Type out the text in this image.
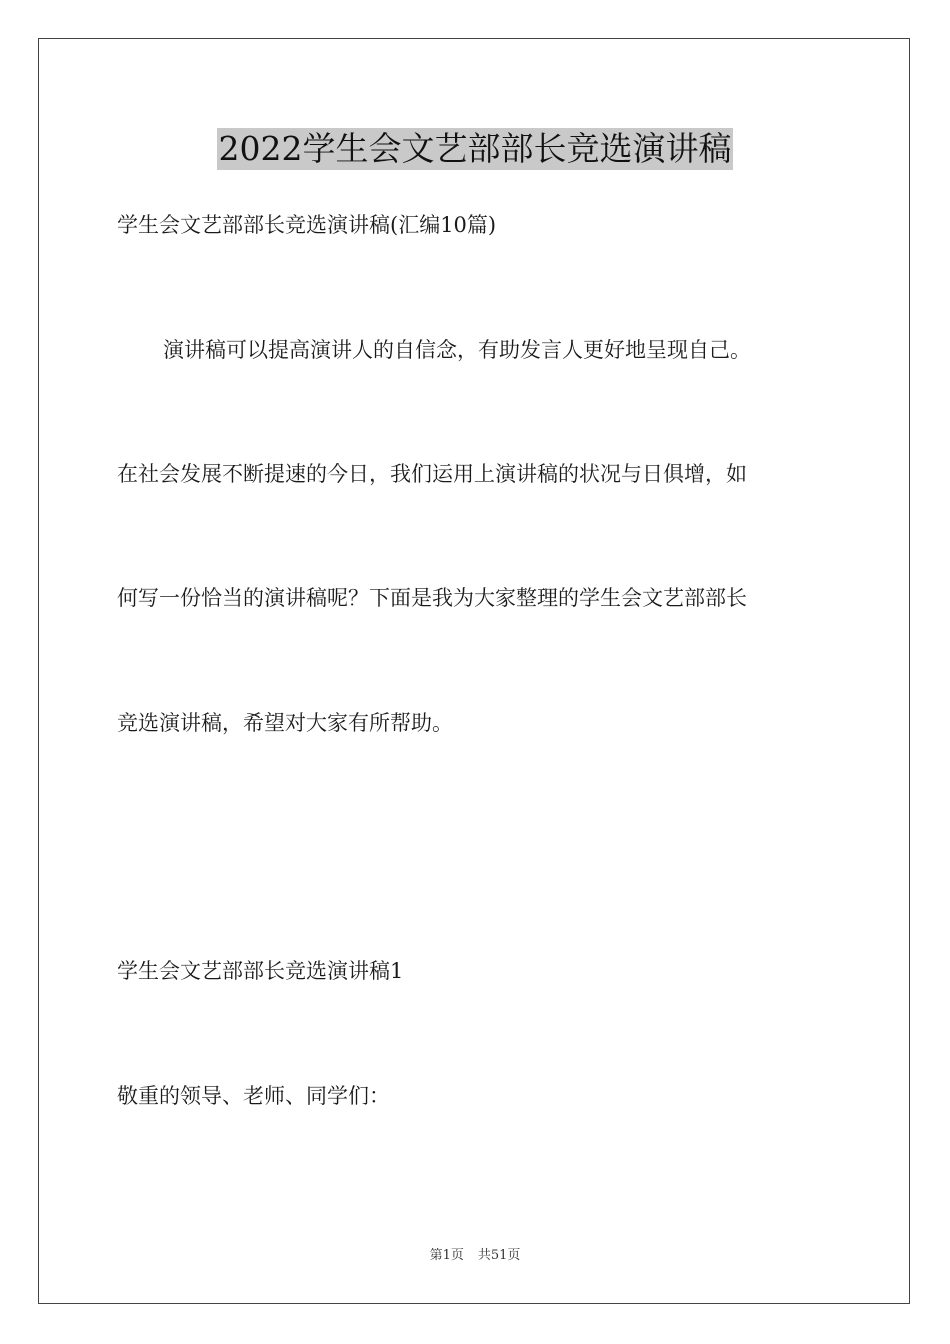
2022学生会文艺部部长竞选演讲稿
学生会文艺部部长竞选演讲稿(汇编10篇)
演讲稿可以提高演讲人的自信念，有助发言人更好地呈现自己。
在社会发展不断提速的今日，我们运用上演讲稿的状况与日俱增，如
何写一份恰当的演讲稿呢？下面是我为大家整理的学生会文艺部部长
竞选演讲稿，希望对大家有所帮助。
学生会文艺部部长竞选演讲稿1
敬重的领导、老师、同学们：
第1页 共51页
